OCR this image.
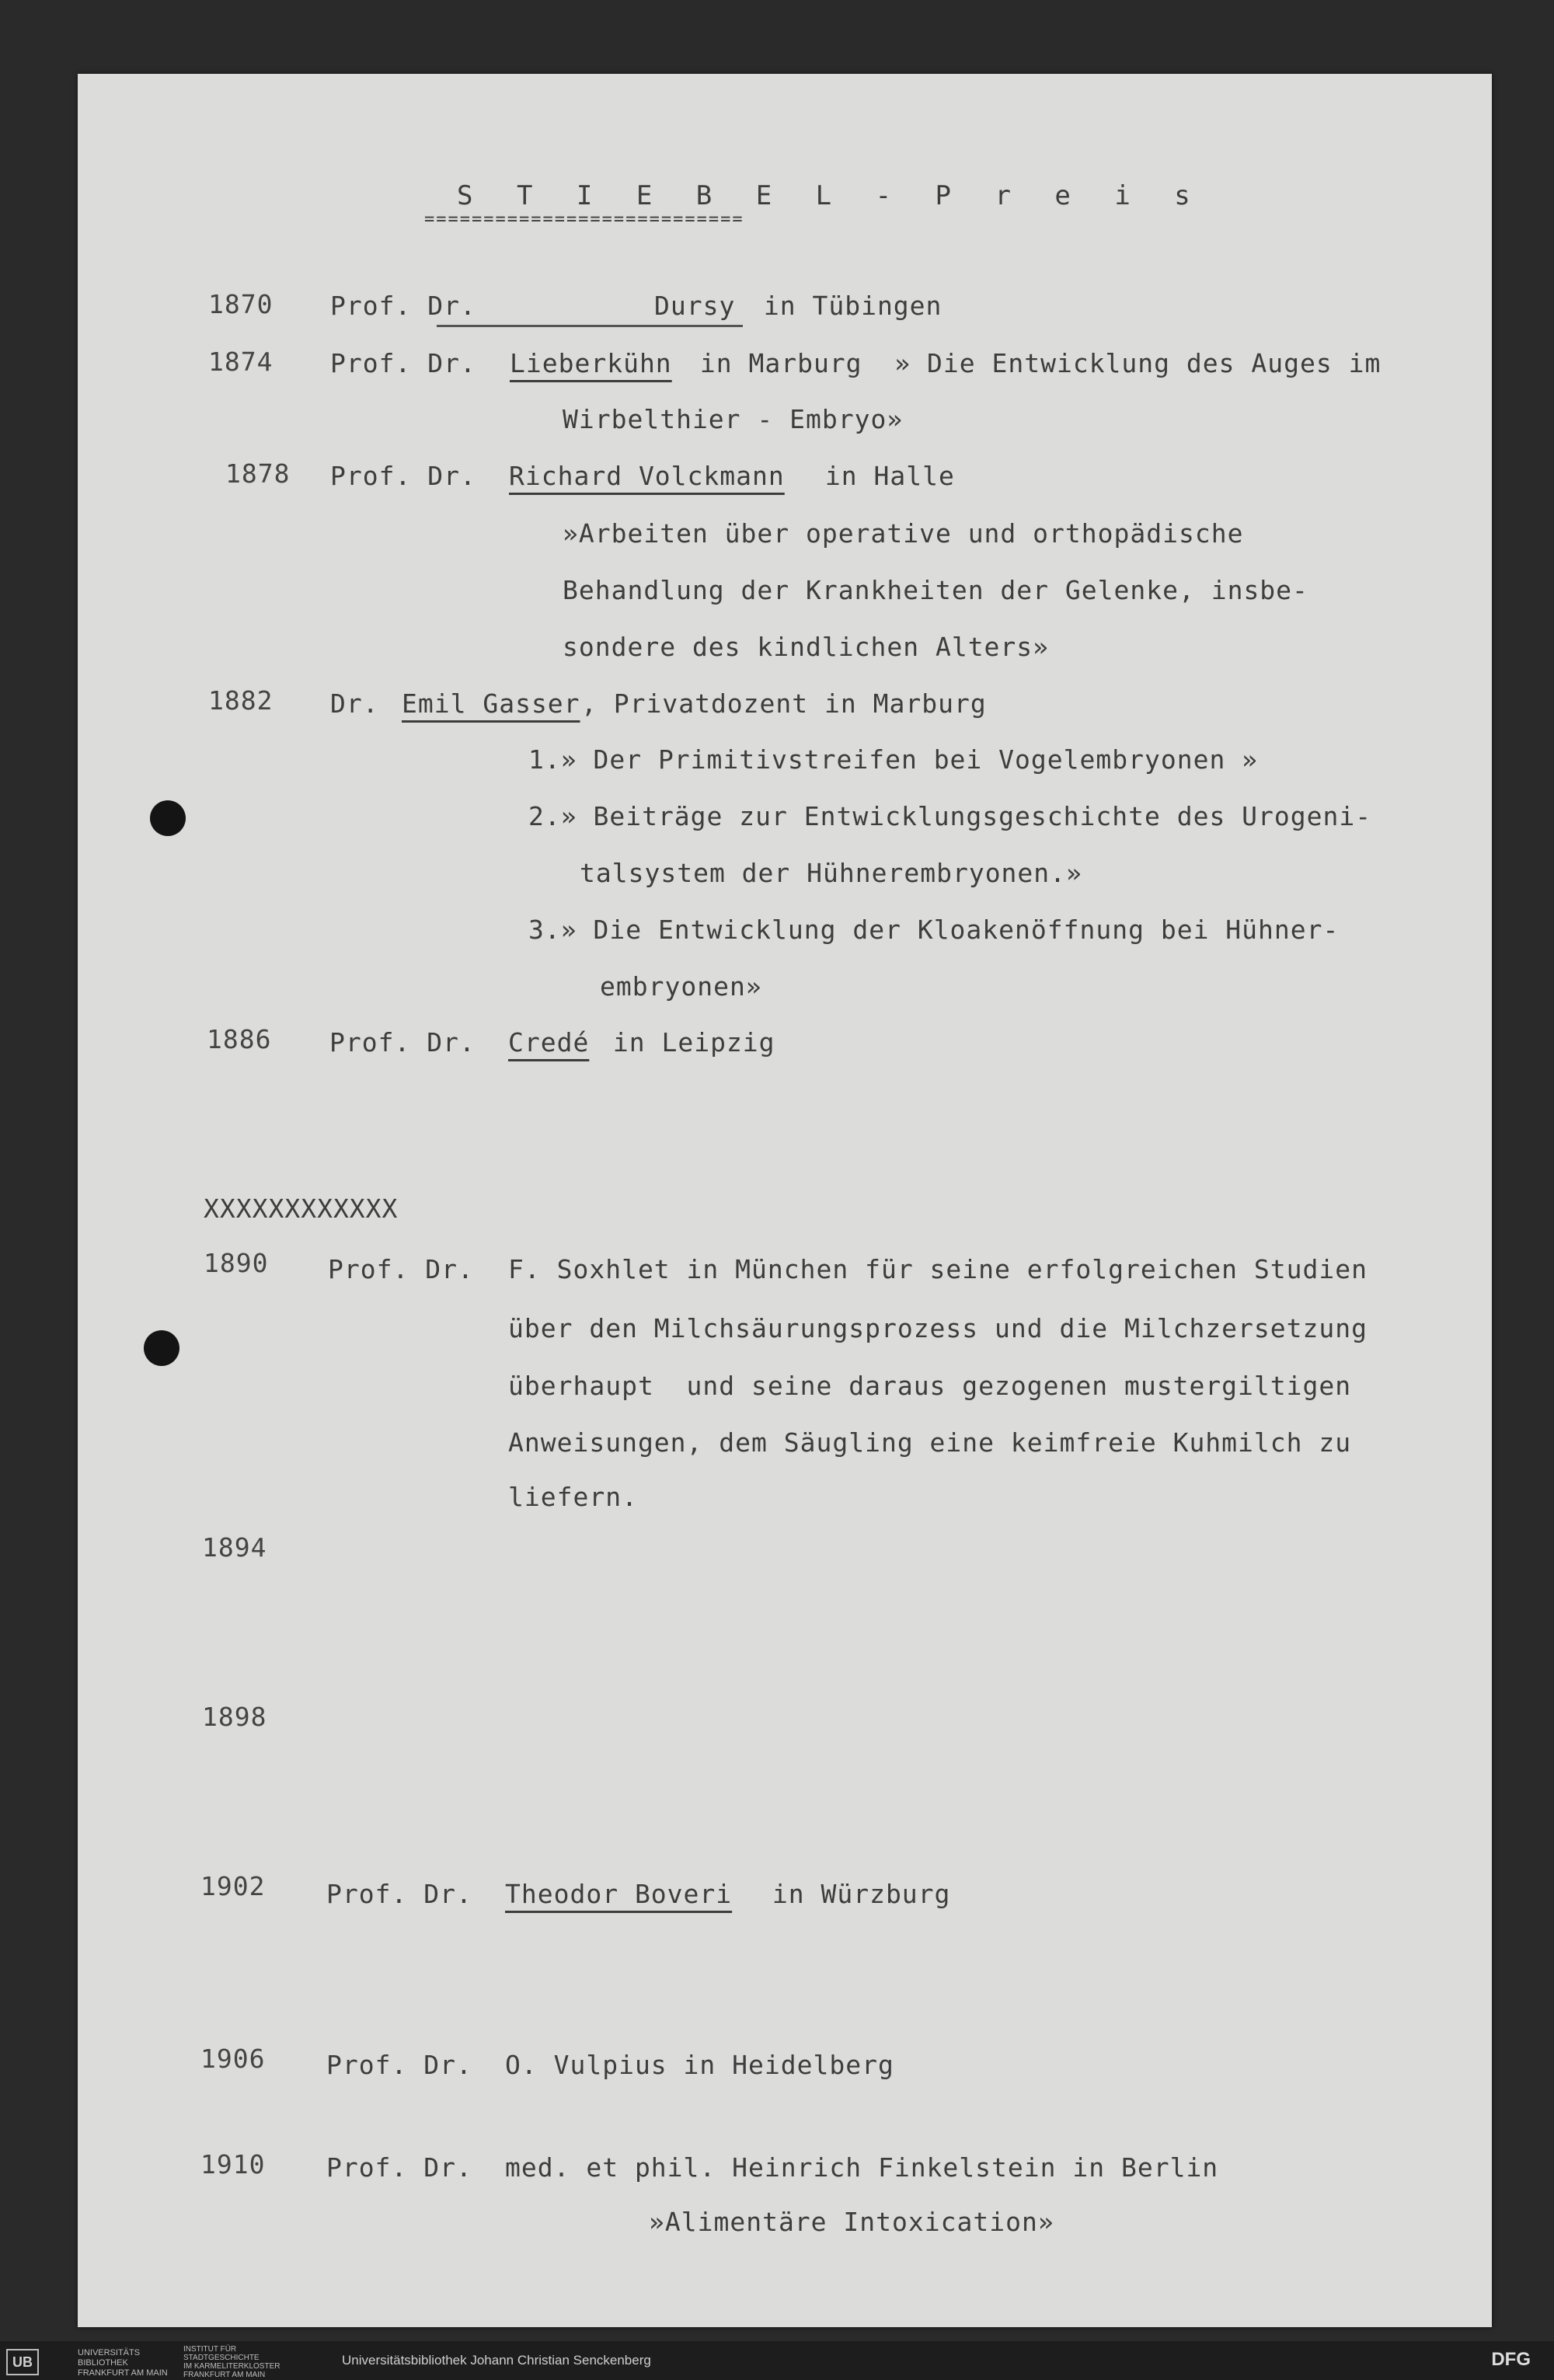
S T I E B E L - P r e i s
===========================
1870 Prof. Dr.	Dursy in Tübingen
1874 Prof. Dr. Lieberkühn in Marburg  » Die Entwicklung des Auges im
Wirbelthier - Embryo»
1878 Prof. Dr. Richard Volckmann in Halle
»Arbeiten über operative und orthopädische
Behandlung der Krankheiten der Gelenke, insbe-
sondere des kindlichen Alters»
1882 Dr. Emil Gasser , Privatdozent in Marburg
1.» Der Primitivstreifen bei Vogelembryonen »
2.» Beiträge zur Entwicklungsgeschichte des Urogeni-
talsystem der Hühnerembryonen.»
3.» Die Entwicklung der Kloakenöffnung bei Hühner-
embryonen»
1886 Prof. Dr. Credé in Leipzig
XXXXXXXXXXXX
1890 Prof. Dr. F. Soxhlet in München für seine erfolgreichen Studien
über den Milchsäurungsprozess und die Milchzersetzung
überhaupt  und seine daraus gezogenen mustergiltigen
Anweisungen, dem Säugling eine keimfreie Kuhmilch zu
liefern.
1894
1898
1902 Prof. Dr. Theodor Boveri in Würzburg
1906 Prof. Dr. O. Vulpius in Heidelberg
1910 Prof. Dr. med. et phil. Heinrich Finkelstein in Berlin
»Alimentäre Intoxication»
UB
UNIVERSITÄTS
BIBLIOTHEK
FRANKFURT AM MAIN
INSTITUT FÜR
STADTGESCHICHTE
IM KARMELITERKLOSTER
FRANKFURT AM MAIN
Universitätsbibliothek Johann Christian Senckenberg	DFG
